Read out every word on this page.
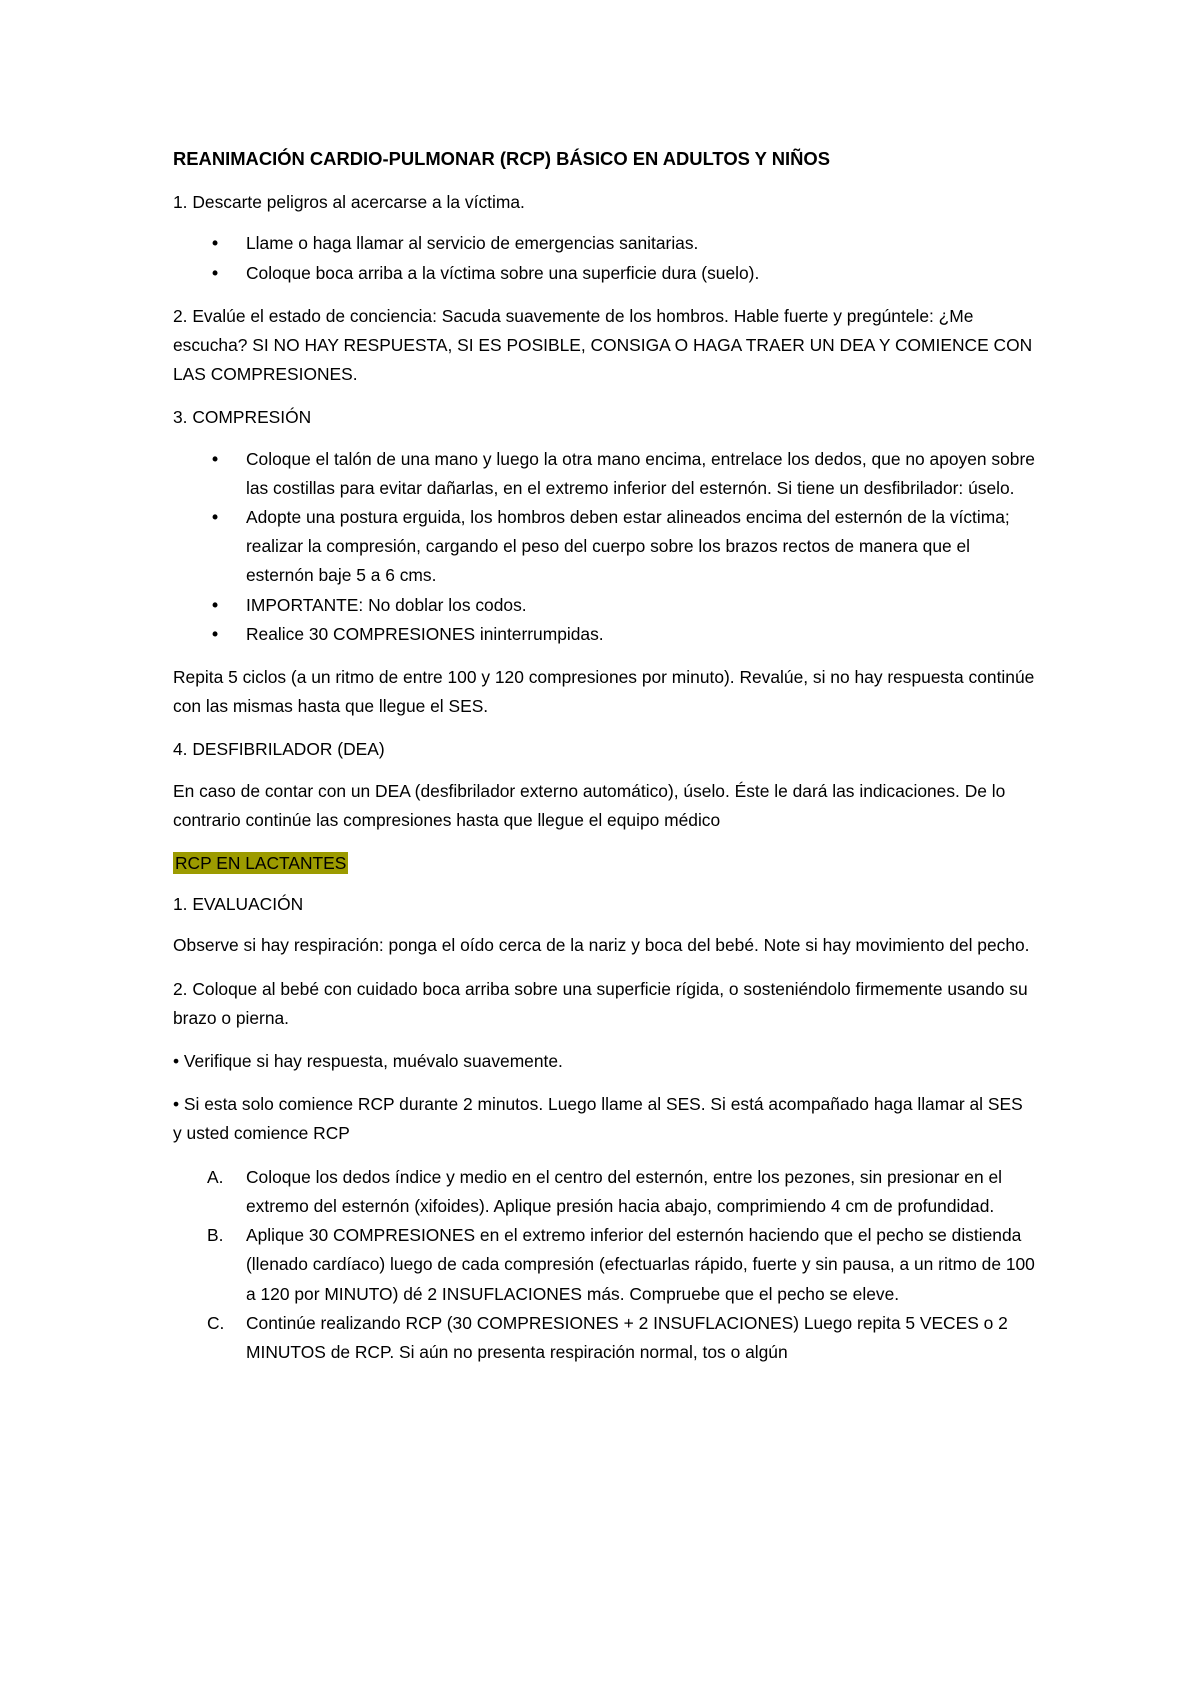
REANIMACIÓN CARDIO-PULMONAR (RCP) BÁSICO EN ADULTOS Y NIÑOS
1. Descarte peligros al acercarse a la víctima.
•	Llame o haga llamar al servicio de emergencias sanitarias.
•	Coloque boca arriba a la víctima sobre una superficie dura (suelo).
2. Evalúe el estado de conciencia: Sacuda suavemente de los hombros. Hable fuerte y pregúntele: ¿Me escucha? SI NO HAY RESPUESTA, SI ES POSIBLE, CONSIGA O HAGA TRAER UN DEA Y COMIENCE CON LAS COMPRESIONES.
3. COMPRESIÓN
•	Coloque el talón de una mano y luego la otra mano encima, entrelace los dedos, que no apoyen sobre las costillas para evitar dañarlas, en el extremo inferior del esternón. Si tiene un desfibrilador: úselo.
•	Adopte una postura erguida, los hombros deben estar alineados encima del esternón de la víctima; realizar la compresión, cargando el peso del cuerpo sobre los brazos rectos de manera que el esternón baje 5 a 6 cms.
•	IMPORTANTE: No doblar los codos.
•	Realice 30 COMPRESIONES ininterrumpidas.
Repita 5 ciclos (a un ritmo de entre 100 y 120 compresiones por minuto). Revalúe, si no hay respuesta continúe con las mismas hasta que llegue el SES.
4. DESFIBRILADOR (DEA)
En caso de contar con un DEA (desfibrilador externo automático), úselo. Éste le dará las indicaciones. De lo contrario continúe las compresiones hasta que llegue el equipo médico
RCP EN LACTANTES
1. EVALUACIÓN
Observe si hay respiración: ponga el oído cerca de la nariz y boca del bebé. Note si hay movimiento del pecho.
2. Coloque al bebé con cuidado boca arriba sobre una superficie rígida, o sosteniéndolo firmemente usando su brazo o pierna.
• Verifique si hay respuesta, muévalo suavemente.
• Si esta solo comience RCP durante 2 minutos. Luego llame al SES. Si está acompañado haga llamar al SES y usted comience RCP
A. Coloque los dedos índice y medio en el centro del esternón, entre los pezones, sin presionar en el extremo del esternón (xifoides). Aplique presión hacia abajo, comprimiendo 4 cm de profundidad.
B. Aplique 30 COMPRESIONES en el extremo inferior del esternón haciendo que el pecho se distienda (llenado cardíaco) luego de cada compresión (efectuarlas rápido, fuerte y sin pausa, a un ritmo de 100 a 120 por MINUTO) dé 2 INSUFLACIONES más. Compruebe que el pecho se eleve.
C. Continúe realizando RCP (30 COMPRESIONES + 2 INSUFLACIONES) Luego repita 5 VECES o 2 MINUTOS de RCP. Si aún no presenta respiración normal, tos o algún
